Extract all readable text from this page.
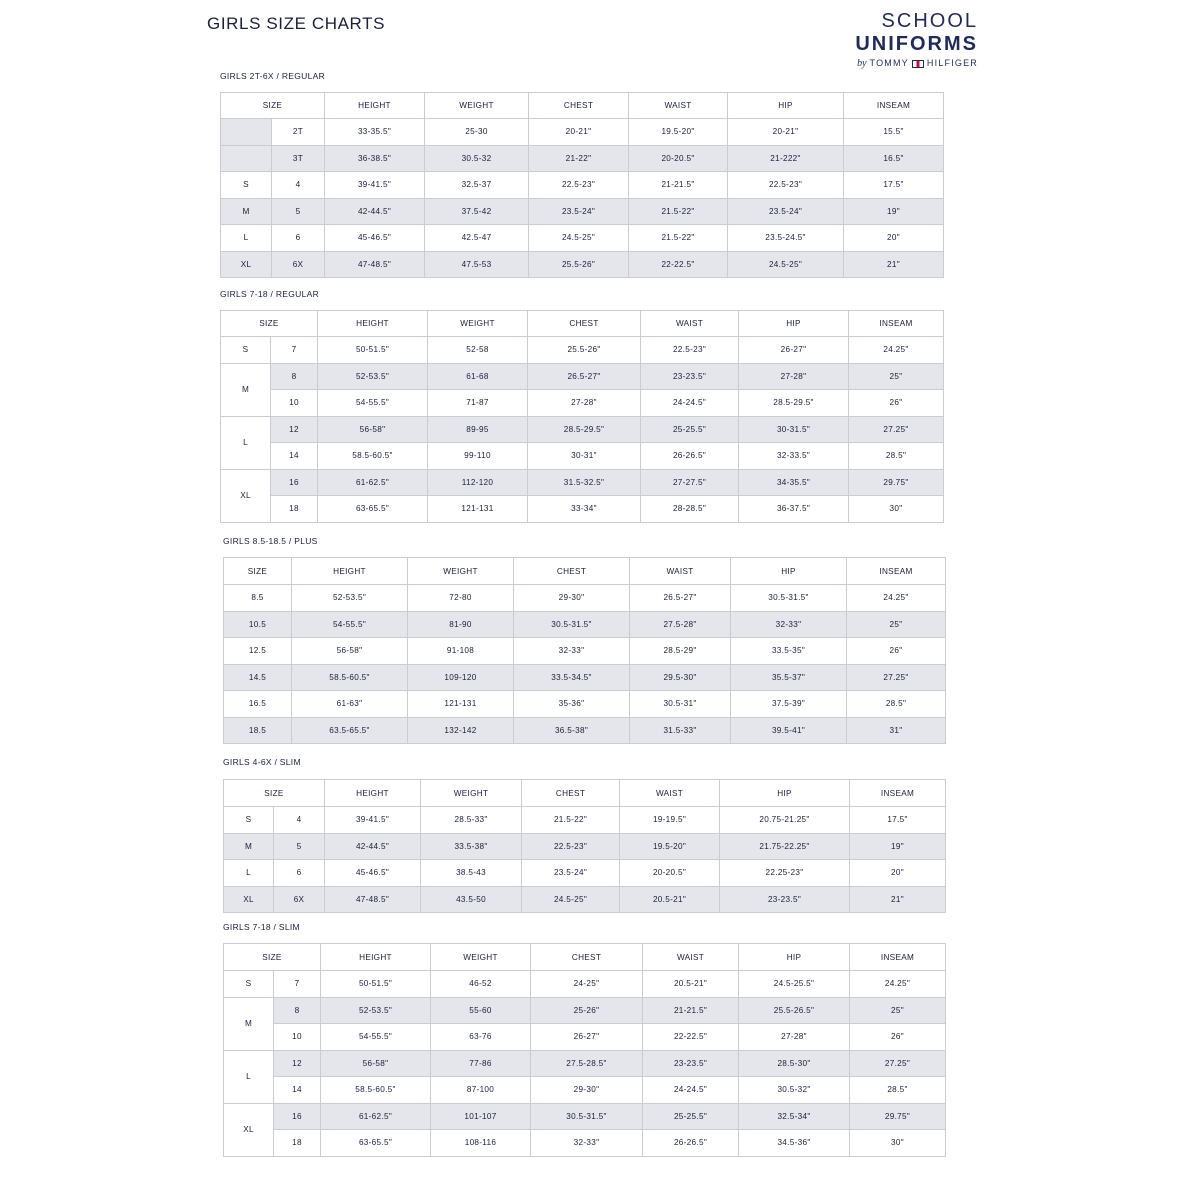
GIRLS SIZE CHARTS	SCHOOL
UNIFORMS
by TOMMY HILFIGER
GIRLS 2T-6X / REGULAR
SIZE		HEIGHT	WEIGHT	CHEST	WAIST	HIP	INSEAM
	2T	33-35.5"	25-30	20-21"	19.5-20"	20-21"	15.5"
	3T	36-38.5"	30.5-32	21-22"	20-20.5"	21-222"	16.5"
S	4	39-41.5"	32.5-37	22.5-23"	21-21.5"	22.5-23"	17.5"
M	5	42-44.5"	37.5-42	23.5-24"	21.5-22"	23.5-24"	19"
L	6	45-46.5"	42.5-47	24.5-25"	21.5-22"	23.5-24.5"	20"
XL	6X	47-48.5"	47.5-53	25.5-26"	22-22.5"	24.5-25"	21"
GIRLS 7-18 / REGULAR
SIZE		HEIGHT	WEIGHT	CHEST	WAIST	HIP	INSEAM
S	7	50-51.5"	52-58	25.5-26"	22.5-23"	26-27"	24.25"
M	8	52-53.5"	61-68	26.5-27"	23-23.5"	27-28"	25"
	10	54-55.5"	71-87	27-28"	24-24.5"	28.5-29.5"	26"
L	12	56-58"	89-95	28.5-29.5"	25-25.5"	30-31.5"	27.25"
	14	58.5-60.5"	99-110	30-31"	26-26.5"	32-33.5"	28.5"
XL	16	61-62.5"	112-120	31.5-32.5"	27-27.5"	34-35.5"	29.75"
	18	63-65.5"	121-131	33-34"	28-28.5"	36-37.5"	30"
GIRLS 8.5-18.5 / PLUS
SIZE	HEIGHT	WEIGHT	CHEST	WAIST	HIP	INSEAM
8.5	52-53.5"	72-80	29-30"	26.5-27"	30.5-31.5"	24.25"
10.5	54-55.5"	81-90	30.5-31.5"	27.5-28"	32-33"	25"
12.5	56-58"	91-108	32-33"	28.5-29"	33.5-35"	26"
14.5	58.5-60.5"	109-120	33.5-34.5"	29.5-30"	35.5-37"	27.25"
16.5	61-63"	121-131	35-36"	30.5-31"	37.5-39"	28.5"
18.5	63.5-65.5"	132-142	36.5-38"	31.5-33"	39.5-41"	31"
GIRLS 4-6X / SLIM
SIZE		HEIGHT	WEIGHT	CHEST	WAIST	HIP	INSEAM
S	4	39-41.5"	28.5-33"	21.5-22"	19-19.5"	20.75-21.25"	17.5"
M	5	42-44.5"	33.5-38"	22.5-23"	19.5-20"	21.75-22.25"	19"
L	6	45-46.5"	38.5-43	23.5-24"	20-20.5"	22.25-23"	20"
XL	6X	47-48.5"	43.5-50	24.5-25"	20.5-21"	23-23.5"	21"
GIRLS 7-18 / SLIM
SIZE		HEIGHT	WEIGHT	CHEST	WAIST	HIP	INSEAM
S	7	50-51.5"	46-52	24-25"	20.5-21"	24.5-25.5"	24.25"
M	8	52-53.5"	55-60	25-26"	21-21.5"	25.5-26.5"	25"
	10	54-55.5"	63-76	26-27"	22-22.5"	27-28"	26"
L	12	56-58"	77-86	27.5-28.5"	23-23.5"	28.5-30"	27.25"
	14	58.5-60.5"	87-100	29-30"	24-24.5"	30.5-32"	28.5"
XL	16	61-62.5"	101-107	30.5-31.5"	25-25.5"	32.5-34"	29.75"
	18	63-65.5"	108-116	32-33"	26-26.5"	34.5-36"	30"
